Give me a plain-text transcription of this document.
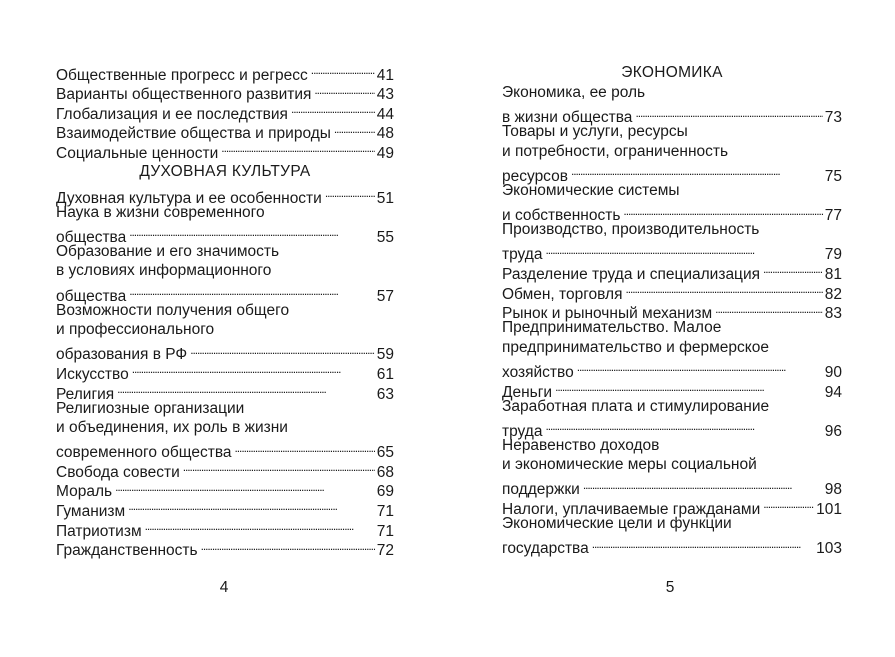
Общественные прогресс и регресс . . .	41
Варианты общественного развития . . .	43
Глобализация и ее последствия . . .	44
Взаимодействие общества и природы . . .	48
Социальные ценности . . .	49
ДУХОВНАЯ КУЛЬТУРА
Духовная культура и ее особенности . . .	51
Наука в жизни современного
общества . . .	55
Образование и его значимость
в условиях информационного
общества . . .	57
Возможности получения общего
и профессионального
образования в РФ . . .	59
Искусство . . .	61
Религия . . .	63
Религиозные организации
и объединения, их роль в жизни
современного общества . . .	65
Свобода совести . . .	68
Мораль . . .	69
Гуманизм . . .	71
Патриотизм . . .	71
Гражданственность . . .	72
ЭКОНОМИКА
Экономика, ее роль
в жизни общества . . .	73
Товары и услуги, ресурсы
и потребности, ограниченность
ресурсов . . .	75
Экономические системы
и собственность . . .	77
Производство, производительность
труда . . .	79
Разделение труда и специализация . . .	81
Обмен, торговля . . .	82
Рынок и рыночный механизм . . .	83
Предпринимательство. Малое
предпринимательство и фермерское
хозяйство . . .	90
Деньги . . .	94
Заработная плата и стимулирование
труда . . .	96
Неравенство доходов
и экономические меры социальной
поддержки . . .	98
Налоги, уплачиваемые гражданами . . .	101
Экономические цели и функции
государства . . .	103
4	5
